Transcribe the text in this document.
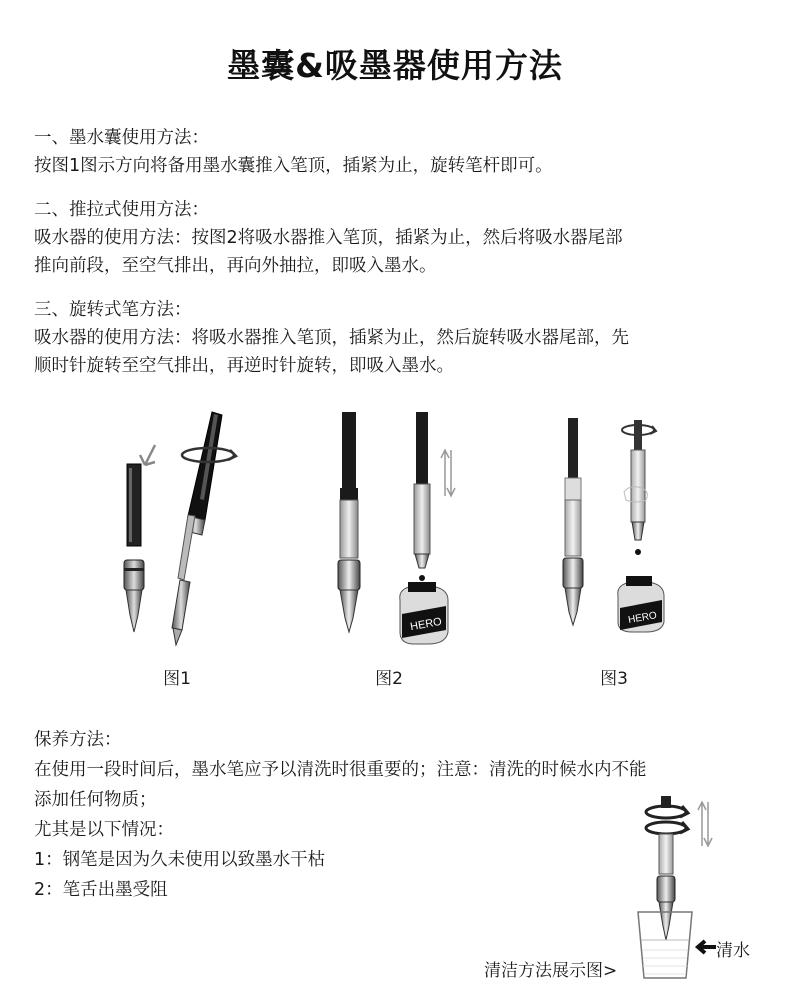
墨囊&吸墨器使用方法
一、墨水囊使用方法：
按图1图示方向将备用墨水囊推入笔顶，插紧为止，旋转笔杆即可。
二、推拉式使用方法：
吸水器的使用方法：按图2将吸水器推入笔顶，插紧为止，然后将吸水器尾部
推向前段，至空气排出，再向外抽拉，即吸入墨水。
三、旋转式笔方法：
吸水器的使用方法：将吸水器推入笔顶，插紧为止，然后旋转吸水器尾部，先
顺时针旋转至空气排出，再逆时针旋转，即吸入墨水。
HERO	HERO
图1	图2	图3
保养方法：
在使用一段时间后，墨水笔应予以清洗时很重要的；注意：清洗的时候水内不能
添加任何物质；
尤其是以下情况：
1：钢笔是因为久未使用以致墨水干枯
2：笔舌出墨受阻
清水
清洁方法展示图>
